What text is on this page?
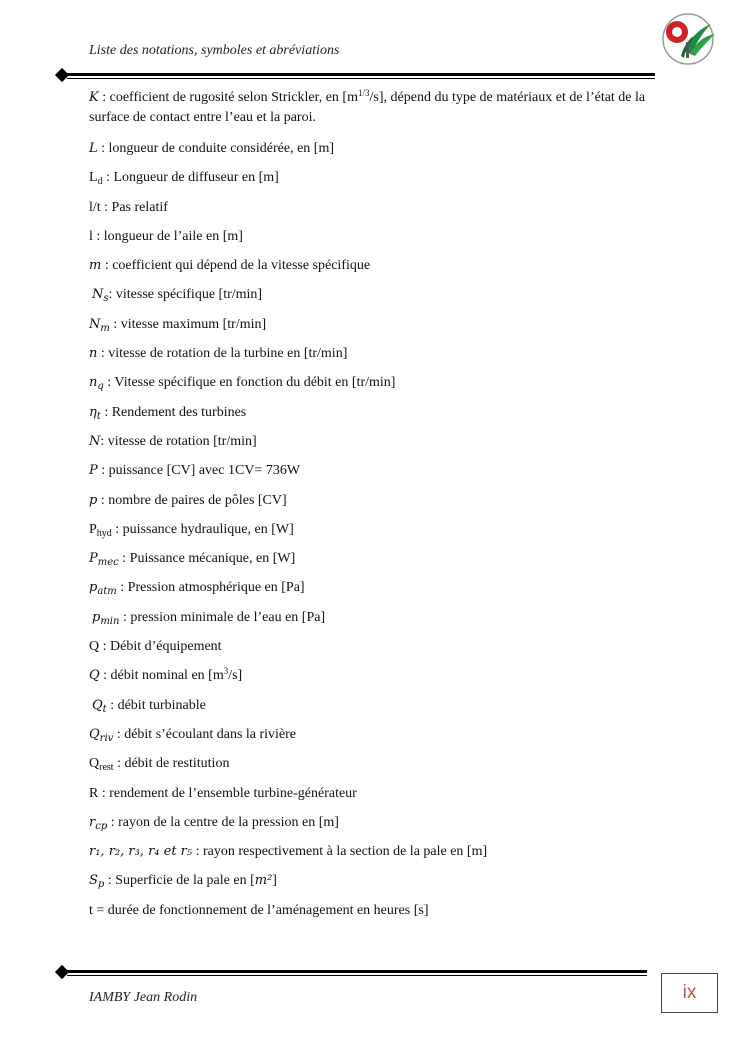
Liste des notations, symboles et abréviations
K : coefficient de rugosité selon Strickler, en $[m^{1/3}/s]$, dépend du type de matériaux et de l’état de la surface de contact entre l’eau et la paroi.
L : longueur de conduite considérée, en [m]
$L_d$ : Longueur de diffuseur en [m]
l/t : Pas relatif
l : longueur de l’aile en [m]
m : coefficient qui dépend de la vitesse spécifique
$N_s$: vitesse spécifique [tr/min]
$N_m$ : vitesse maximum [tr/min]
n : vitesse de rotation de la turbine en [tr/min]
$n_q$ : Vitesse spécifique en fonction du débit en [tr/min]
$\eta_t$ : Rendement des turbines
N: vitesse de rotation [tr/min]
P : puissance [CV] avec 1CV= 736W
p : nombre de paires de pôles [CV]
$P_{hyd}$ : puissance hydraulique, en [W]
$P_{mec}$ : Puissance mécanique, en [W]
$p_{atm}$ : Pression atmosphérique en [Pa]
$p_{min}$ : pression minimale de l’eau en [Pa]
Q : Débit d’équipement
Q : débit nominal en $[m^3/s]$
$Q_t$ : débit turbinable
$Q_{riv}$ : débit s’écoulant dans la rivière
$Q_{rest}$ : débit de restitution
R : rendement de l’ensemble turbine-générateur
$r_{cp}$ : rayon de la centre de la pression en [m]
r₁, r₂, r₃, r₄ et r₅ : rayon respectivement à la section de la pale en [m]
$S_p$ : Superficie de la pale en [m²]
t = durée de fonctionnement de l’aménagement en heures [s]
IAMBY Jean Rodin	ix
